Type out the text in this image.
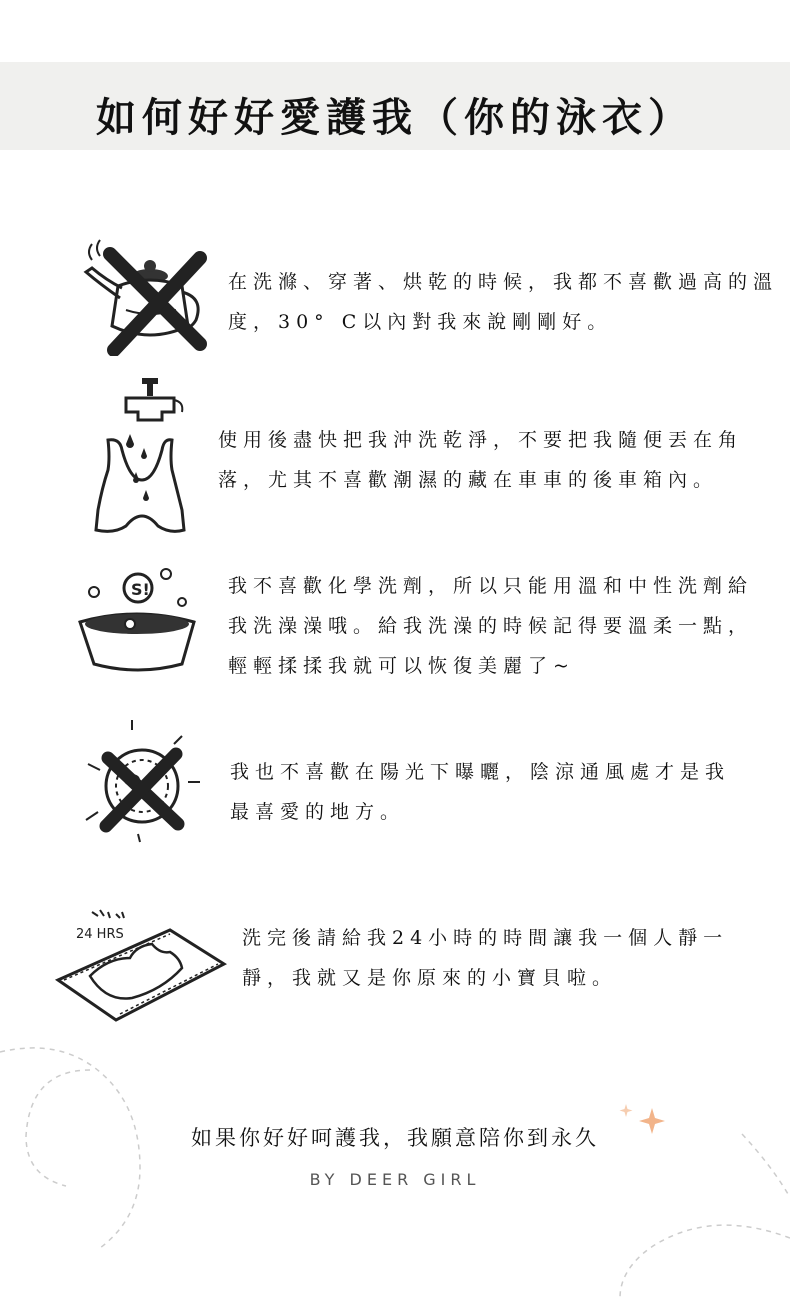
如何好好愛護我（你的泳衣）
在洗滌、穿著、烘乾的時候，我都不喜歡過高的溫度，30° C以內對我來說剛剛好。
使用後盡快把我沖洗乾淨，不要把我隨便丟在角落，尤其不喜歡潮濕的藏在車車的後車箱內。
S!	我不喜歡化學洗劑，所以只能用溫和中性洗劑給我洗澡澡哦。給我洗澡的時候記得要溫柔一點，輕輕揉揉我就可以恢復美麗了~
我也不喜歡在陽光下曝曬，陰涼通風處才是我最喜愛的地方。
24 HRS	洗完後請給我24小時的時間讓我一個人靜一靜，我就又是你原來的小寶貝啦。
如果你好好呵護我，我願意陪你到永久
BY DEER GIRL
